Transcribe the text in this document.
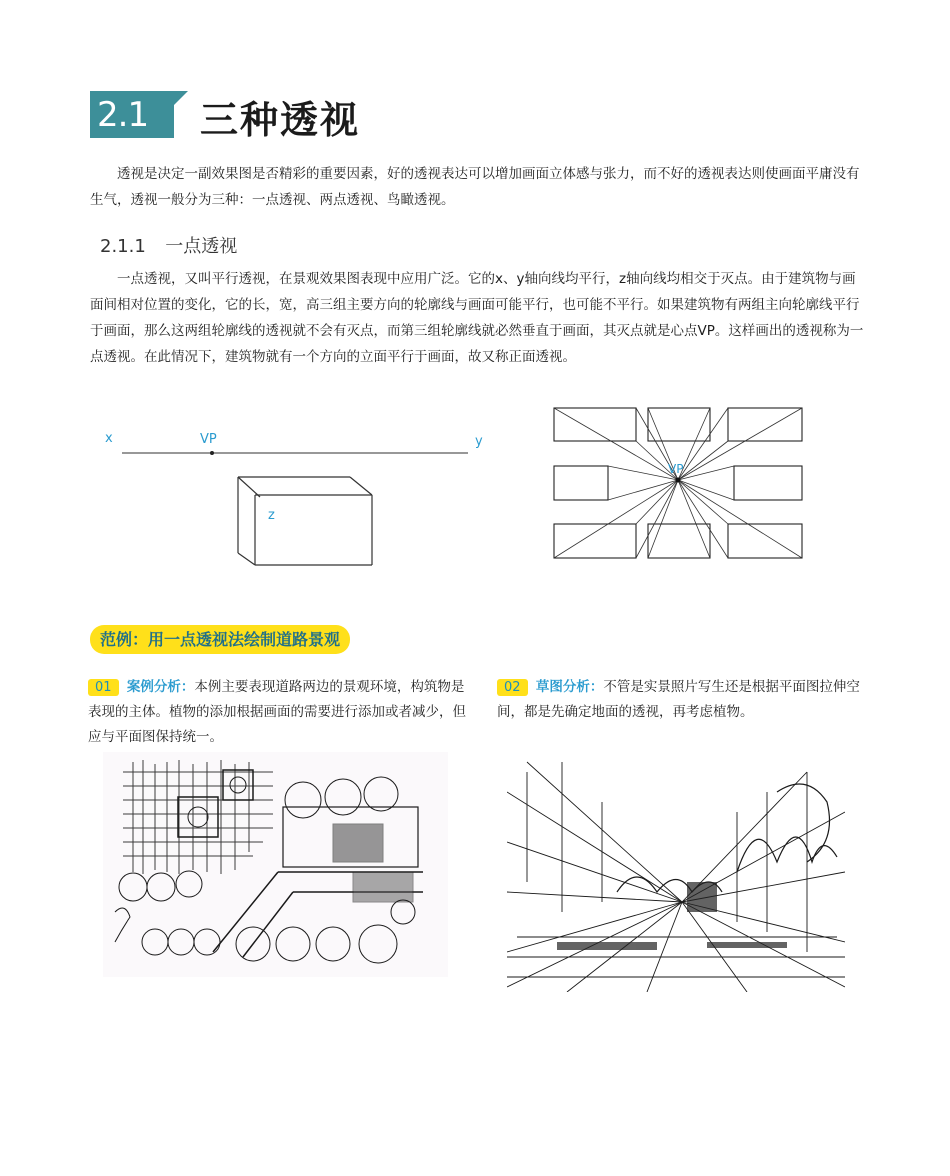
2.1 三种透视
透视是决定一副效果图是否精彩的重要因素，好的透视表达可以增加画面立体感与张力，而不好的透视表达则使画面平庸没有生气，透视一般分为三种：一点透视、两点透视、鸟瞰透视。
2.1.1 一点透视
一点透视，又叫平行透视，在景观效果图表现中应用广泛。它的x、y轴向线均平行，z轴向线均相交于灭点。由于建筑物与画面间相对位置的变化，它的长，宽，高三组主要方向的轮廓线与画面可能平行，也可能不平行。如果建筑物有两组主向轮廓线平行于画面，那么这两组轮廓线的透视就不会有灭点，而第三组轮廓线就必然垂直于画面，其灭点就是心点VP。这样画出的透视称为一点透视。在此情况下，建筑物就有一个方向的立面平行于画面，故又称正面透视。
x	VP	y
z
VP
范例：用一点透视法绘制道路景观
01 案例分析：本例主要表现道路两边的景观环境，构筑物是表现的主体。植物的添加根据画面的需要进行添加或者减少，但应与平面图保持统一。
02 草图分析：不管是实景照片写生还是根据平面图拉伸空间，都是先确定地面的透视，再考虑植物。
